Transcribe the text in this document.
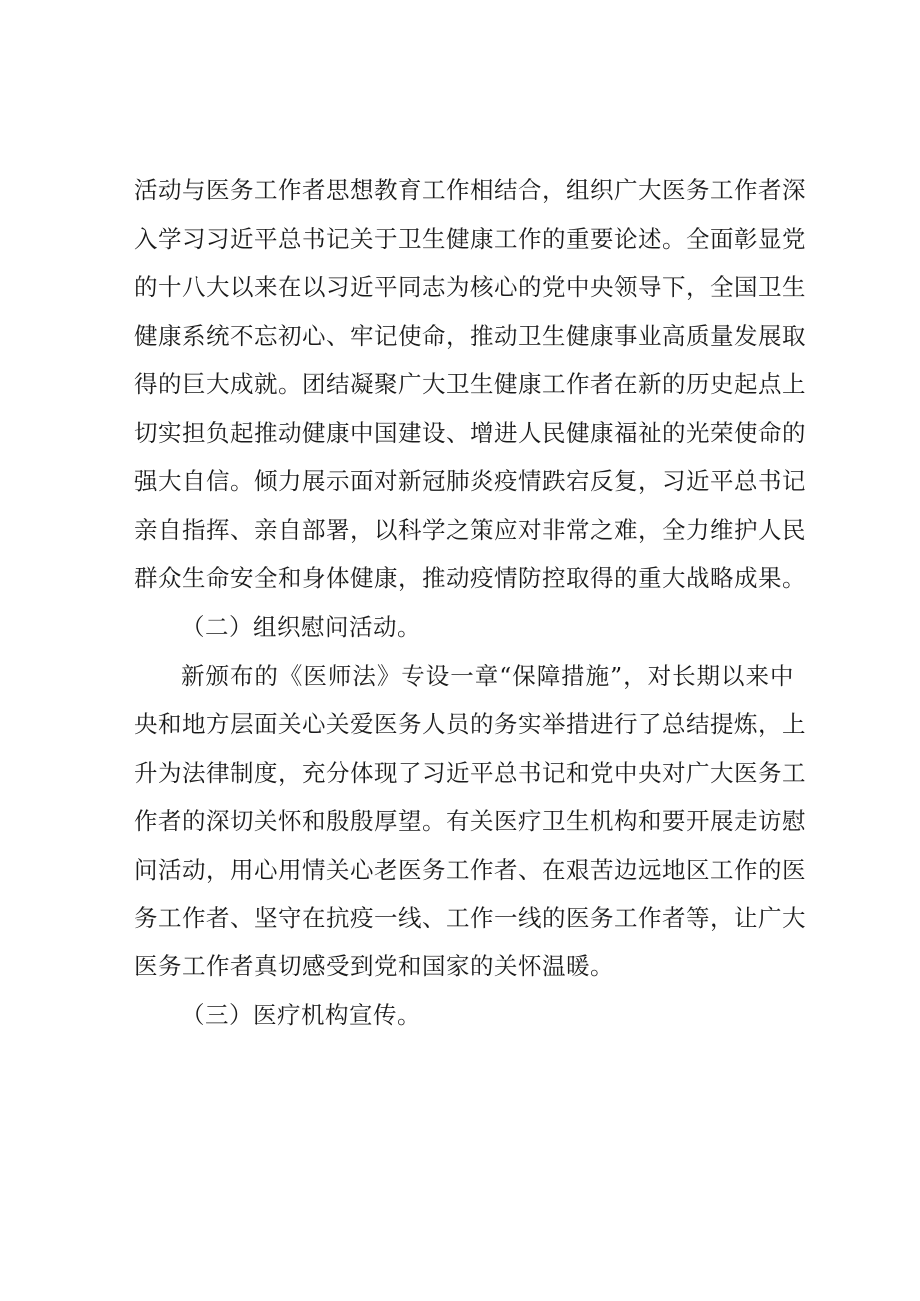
活动与医务工作者思想教育工作相结合，组织广大医务工作者深
入学习习近平总书记关于卫生健康工作的重要论述。全面彰显党
的十八大以来在以习近平同志为核心的党中央领导下，全国卫生
健康系统不忘初心、牢记使命，推动卫生健康事业高质量发展取
得的巨大成就。团结凝聚广大卫生健康工作者在新的历史起点上
切实担负起推动健康中国建设、增进人民健康福祉的光荣使命的
强大自信。倾力展示面对新冠肺炎疫情跌宕反复，习近平总书记
亲自指挥、亲自部署，以科学之策应对非常之难，全力维护人民
群众生命安全和身体健康，推动疫情防控取得的重大战略成果。
（二）组织慰问活动。
新颁布的《医师法》专设一章“保障措施”，对长期以来中
央和地方层面关心关爱医务人员的务实举措进行了总结提炼，上
升为法律制度，充分体现了习近平总书记和党中央对广大医务工
作者的深切关怀和殷殷厚望。有关医疗卫生机构和要开展走访慰
问活动，用心用情关心老医务工作者、在艰苦边远地区工作的医
务工作者、坚守在抗疫一线、工作一线的医务工作者等，让广大
医务工作者真切感受到党和国家的关怀温暖。
（三）医疗机构宣传。
